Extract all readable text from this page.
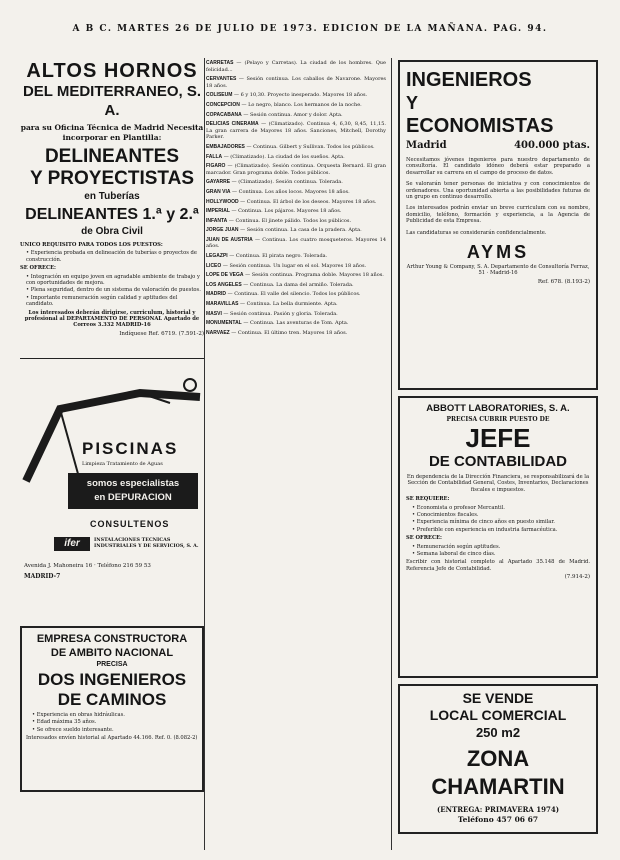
A B C. MARTES 26 DE JULIO DE 1973. EDICION DE LA MAÑANA. PAG. 94.
ALTOS HORNOS
DEL MEDITERRANEO, S. A.
para su Oficina Técnica de Madrid Necesita incorporar en Plantilla:
DELINEANTES
Y PROYECTISTAS
en Tuberías
DELINEANTES 1.ª y 2.ª
de Obra Civil
UNICO REQUISITO PARA TODOS LOS PUESTOS:
• Experiencia probada en delineación de tuberías o proyectos de construcción.
SE OFRECE:
• Integración en equipo joven en agradable ambiente de trabajo y con oportunidades de mejora.
• Plena seguridad, dentro de un sistema de valoración de puestos.
• Importante remuneración según calidad y aptitudes del candidato.
Los interesados deberán dirigirse, curriculum, historial y profesional al DEPARTAMENTO DE PERSONAL Apartado de Correos 3.332 MADRID-16
Indíquese Ref. 6719. (7.591-2)
PISCINAS
Limpieza Tratamiento de Aguas
somos especialistas
en DEPURACION
CONSULTENOS
ifer	INSTALACIONES TECNICAS INDUSTRIALES Y DE SERVICIOS, S. A.
Avenida J. Mahoneira 16 · Teléfono 216 59 53
MADRID-7
EMPRESA CONSTRUCTORA
DE AMBITO NACIONAL
PRECISA
DOS INGENIEROS
DE CAMINOS
• Experiencia en obras hidráulicas.
• Edad máxima 35 años.
• Se ofrece sueldo interesante.
Interesados envíen historial al Apartado 44.166. Ref. 0. (8.082-2)

CARRETAS — (Pelayo y Carretas). La ciudad de los hombres. Que felicidad...

CERVANTES — Sesión continua. Los caballos de Navarone. Mayores 18 años.

COLISEUM — 6 y 10,30. Proyecto inesperado. Mayores 18 años.

CONCEPCION — Lo negro, blanco. Los hermanos de la noche.

COPACABANA — Sesión continua. Amor y dolor. Apta.

DELICIAS CINERAMA — (Climatizado). Continua 4, 6,30, 8,45, 11,15. La gran carrera de Mayores 18 años. Sanciones, Mitchell, Dorothy Parker.

EMBAJADORES — Continua. Gilbert y Sullivan. Todos los públicos.

FALLA — (Climatizado). La ciudad de los sueños. Apta.

FIGARO — (Climatizado). Sesión continua. Orquesta Bernard. El gran marcador. Gran programa doble. Todos públicos.

GAYARRE — (Climatizado). Sesión continua. Tolerada.

GRAN VIA — Continua. Los años locos. Mayores 18 años.

HOLLYWOOD — Continua. El árbol de los deseos. Mayores 18 años.

IMPERIAL — Continua. Los pájaros. Mayores 18 años.

INFANTA — Continua. El jinete pálido. Todos los públicos.

JORGE JUAN — Sesión continua. La casa de la pradera. Apta.

JUAN DE AUSTRIA — Continua. Los cuatro mosqueteros. Mayores 14 años.

LEGAZPI — Continua. El pirata negro. Tolerada.

LICEO — Sesión continua. Un lugar en el sol. Mayores 18 años.

LOPE DE VEGA — Sesión continua. Programa doble. Mayores 18 años.

LOS ANGELES — Continua. La dama del armiño. Tolerada.

MADRID — Continua. El valle del silencio. Todos los públicos.

MARAVILLAS — Continua. La bella durmiente. Apta.

MASVI — Sesión continua. Pasión y gloria. Tolerada.

MONUMENTAL — Continua. Las aventuras de Tom. Apta.

NARVAEZ — Continua. El último tren. Mayores 18 años.

INGENIEROS
Y
ECONOMISTAS
Madrid	400.000 ptas.
Necesitamos jóvenes ingenieros para nuestro departamento de consultoría. El candidato idóneo deberá estar preparado a desarrollar su carrera en el campo de proceso de datos.
Se valorarán tener personas de iniciativa y con conocimientos de ordenadores. Una oportunidad abierta a las posibilidades futuras de un grupo en continuo desarrollo.
Los interesados podrán enviar un breve curriculum con su nombre, domicilio, teléfono, formación y experiencia, a la Agencia de Publicidad de esta Empresa.
Las candidaturas se considerarán confidencialmente.
AYMS
Arthur Young & Company, S. A. Departamento de Consultoría Ferraz, 51 · Madrid-16
Ref. 678. (8.193-2)
ABBOTT LABORATORIES, S. A.
PRECISA CUBRIR PUESTO DE
JEFE
DE CONTABILIDAD
En dependencia de la Dirección Financiera, se responsabilizará de la Sección de Contabilidad General, Costes, Inventarios, Declaraciones fiscales e impuestos.
SE REQUIERE:
• Economista o profesor Mercantil.
• Conocimientos fiscales.
• Experiencia mínima de cinco años en puesto similar.
• Preferible con experiencia en industria farmacéutica.
SE OFRECE:
• Remuneración según aptitudes.
• Semana laboral de cinco días.
Escribir con historial completo al Apartado 35.148 de Madrid. Referencia Jefe de Contabilidad.
(7.914-2)
SE VENDE
LOCAL COMERCIAL
250 m2
ZONA CHAMARTIN
(ENTREGA: PRIMAVERA 1974)
Teléfono 457 06 67
